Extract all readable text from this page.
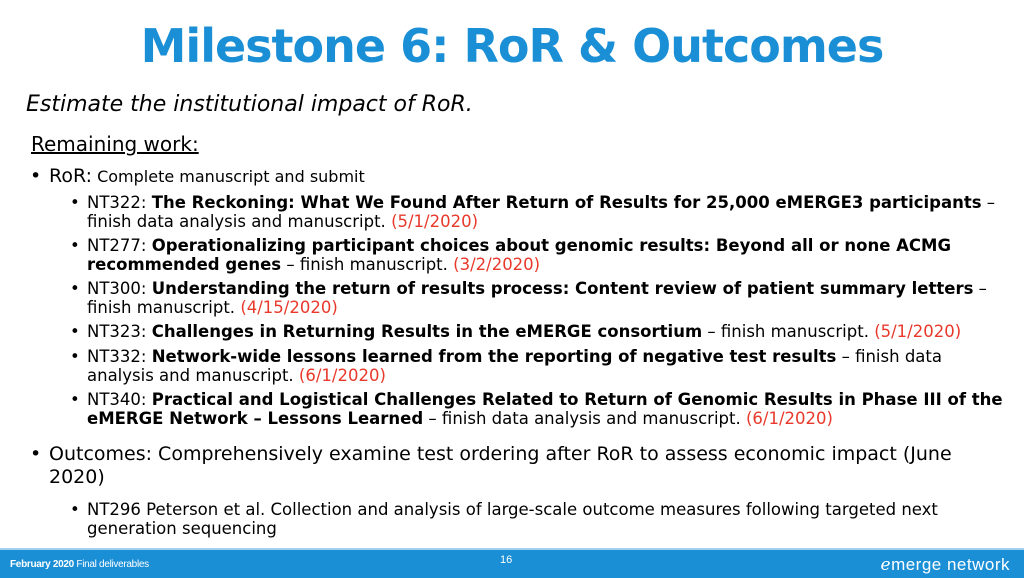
Milestone 6: RoR & Outcomes
Estimate the institutional impact of RoR.
Remaining work:
• RoR: Complete manuscript and submit
• NT322: The Reckoning: What We Found After Return of Results for 25,000 eMERGE3 participants – finish data analysis and manuscript. (5/1/2020)
• NT277: Operationalizing participant choices about genomic results: Beyond all or none ACMG recommended genes – finish manuscript. (3/2/2020)
• NT300: Understanding the return of results process: Content review of patient summary letters – finish manuscript. (4/15/2020)
• NT323: Challenges in Returning Results in the eMERGE consortium – finish manuscript. (5/1/2020)
• NT332: Network-wide lessons learned from the reporting of negative test results – finish data analysis and manuscript. (6/1/2020)
• NT340: Practical and Logistical Challenges Related to Return of Genomic Results in Phase III of the eMERGE Network – Lessons Learned – finish data analysis and manuscript. (6/1/2020)
• Outcomes: Comprehensively examine test ordering after RoR to assess economic impact (June 2020)
• NT296 Peterson et al. Collection and analysis of large-scale outcome measures following targeted next generation sequencing
February 2020 Final deliverables	16	emerge network
